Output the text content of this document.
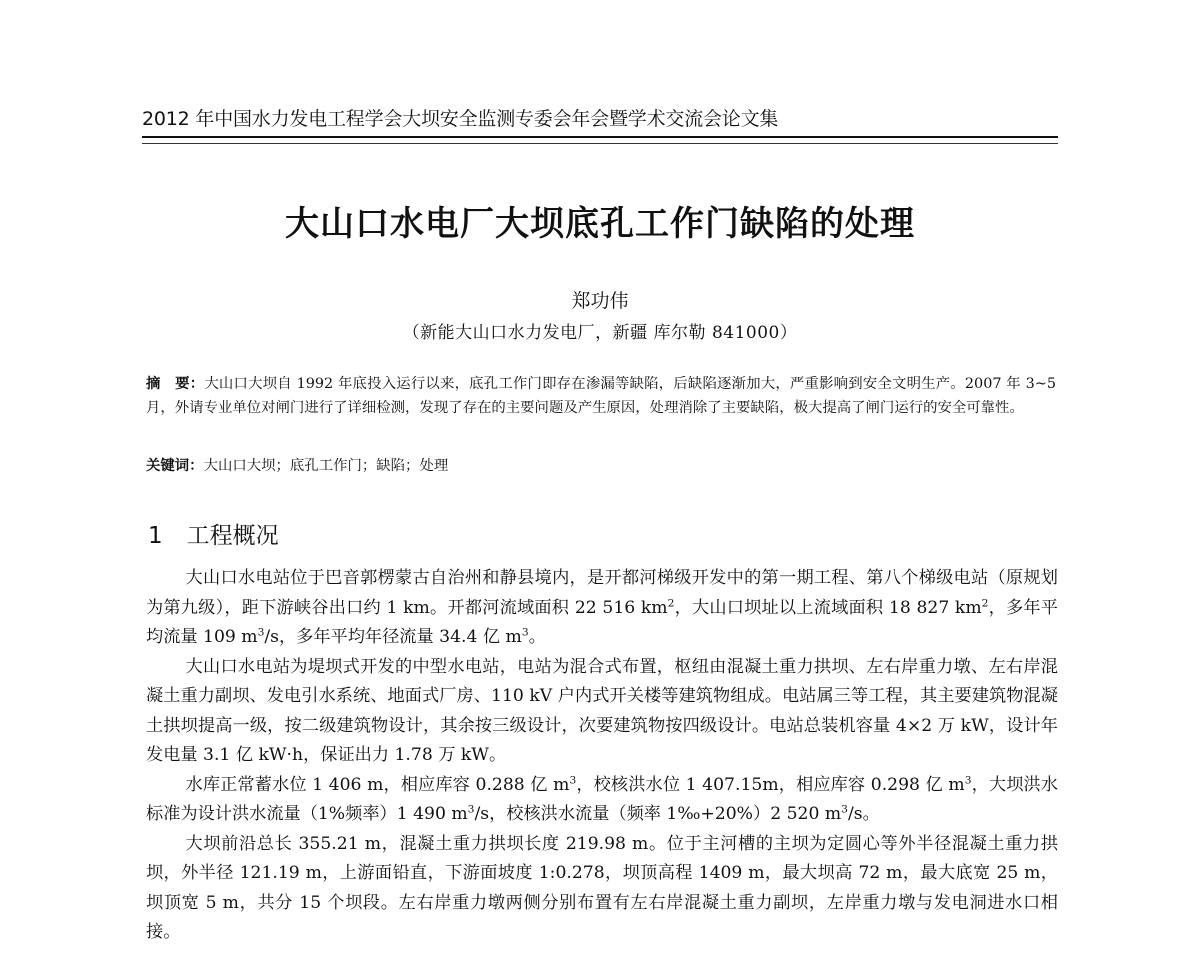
2012 年中国水力发电工程学会大坝安全监测专委会年会暨学术交流会论文集
大山口水电厂大坝底孔工作门缺陷的处理
郑功伟
（新能大山口水力发电厂，新疆 库尔勒 841000）
摘　要：大山口大坝自 1992 年底投入运行以来，底孔工作门即存在渗漏等缺陷，后缺陷逐渐加大，严重影响到安全文明生产。2007 年 3~5 月，外请专业单位对闸门进行了详细检测，发现了存在的主要问题及产生原因，处理消除了主要缺陷，极大提高了闸门运行的安全可靠性。
关键词：大山口大坝；底孔工作门；缺陷；处理
1 工程概况

大山口水电站位于巴音郭楞蒙古自治州和静县境内，是开都河梯级开发中的第一期工程、第八个梯级电站（原规划为第九级），距下游峡谷出口约 1 km。开都河流域面积 22 516 $km^2$，大山口坝址以上流域面积 18 827 $km^2$，多年平均流量 109 $m^3/s$，多年平均年径流量 34.4 亿 $m^3$。

大山口水电站为堤坝式开发的中型水电站，电站为混合式布置，枢纽由混凝土重力拱坝、左右岸重力墩、左右岸混凝土重力副坝、发电引水系统、地面式厂房、110 kV 户内式开关楼等建筑物组成。电站属三等工程，其主要建筑物混凝土拱坝提高一级，按二级建筑物设计，其余按三级设计，次要建筑物按四级设计。电站总装机容量 4×2 万 kW，设计年发电量 3.1 亿 kW·h，保证出力 1.78 万 kW。

水库正常蓄水位 1 406 m，相应库容 0.288 亿 $m^3$，校核洪水位 1 407.15m，相应库容 0.298 亿 $m^3$，大坝洪水标准为设计洪水流量（1%频率）1 490 $m^3/s$，校核洪水流量（频率 1‰+20%）2 520 $m^3/s$。

大坝前沿总长 355.21 m，混凝土重力拱坝长度 219.98 m。位于主河槽的主坝为定圆心等外半径混凝土重力拱坝，外半径 121.19 m，上游面铅直，下游面坡度 1:0.278，坝顶高程 1409 m，最大坝高 72 m，最大底宽 25 m，坝顶宽 5 m，共分 15 个坝段。左右岸重力墩两侧分别布置有左右岸混凝土重力副坝，左岸重力墩与发电洞进水口相接。
